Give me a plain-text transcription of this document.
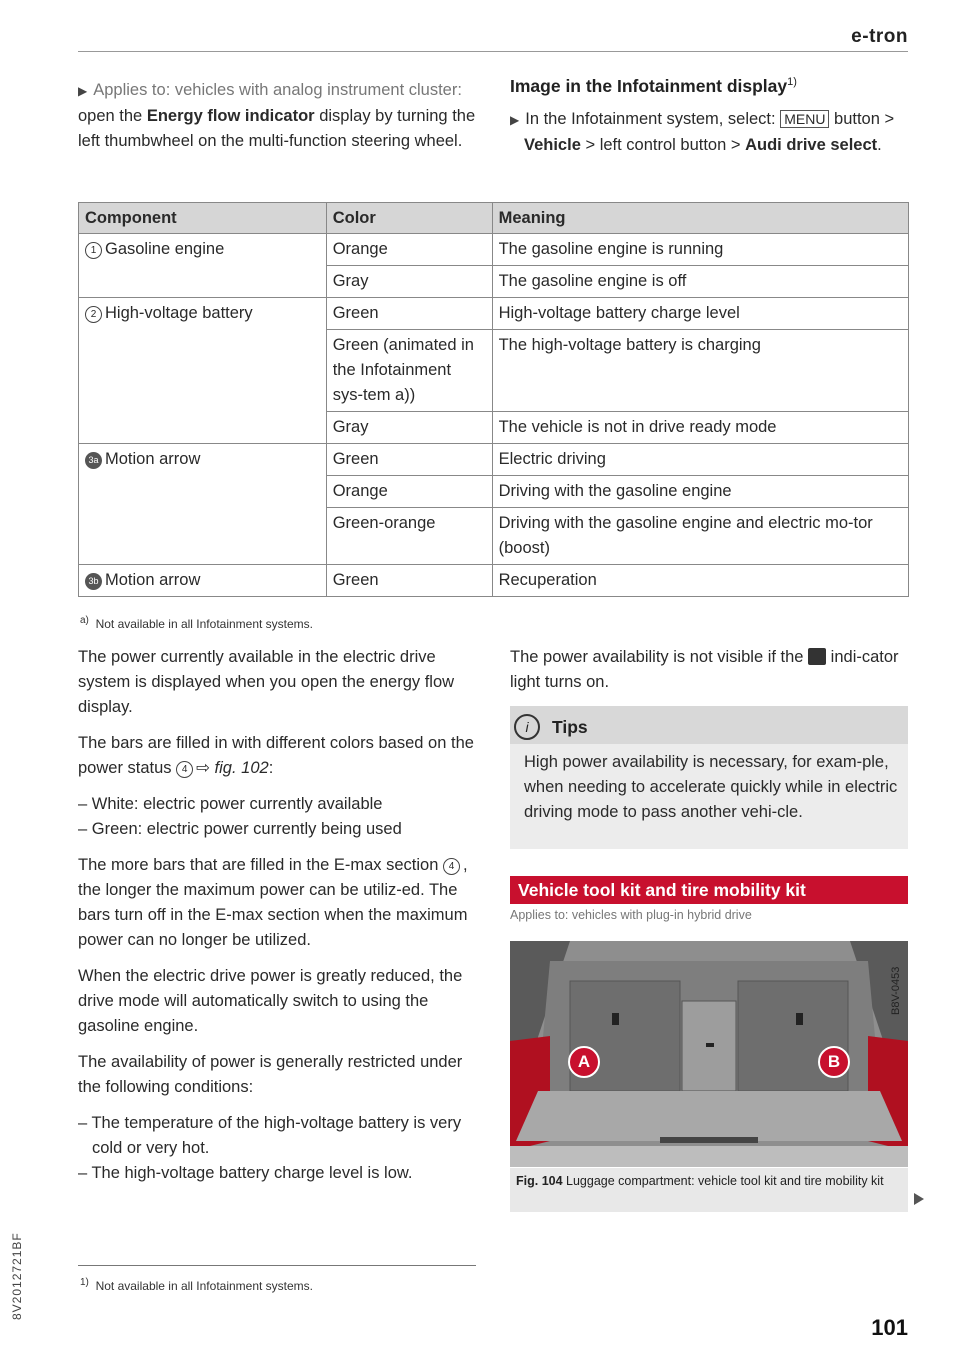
e-tron
▶ Applies to: vehicles with analog instrument cluster: open the Energy flow indicator display by turning the left thumbwheel on the multi-function steering wheel.
Image in the Infotainment display$^{1)}$
▶ In the Infotainment system, select: MENU button > Vehicle > left control button > Audi drive select.
Component	Color	Meaning
1 Gasoline engine	Orange	The gasoline engine is running
	Gray	The gasoline engine is off
2 High-voltage battery	Green	High-voltage battery charge level
	Green (animated in the Infotainment sys-tem a))	The high-voltage battery is charging
	Gray	The vehicle is not in drive ready mode
3a Motion arrow	Green	Electric driving
	Orange	Driving with the gasoline engine
	Green-orange	Driving with the gasoline engine and electric mo-tor (boost)
3b Motion arrow	Green	Recuperation
$^{a)}$ Not available in all Infotainment systems.

The power currently available in the electric drive system is displayed when you open the energy flow display.

The bars are filled in with different colors based on the power status 4 ⇨ fig. 102:

– White: electric power currently available
– Green: electric power currently being used

The more bars that are filled in the E-max section 4 , the longer the maximum power can be utiliz-ed. The bars turn off in the E-max section when the maximum power can no longer be utilized.

When the electric drive power is greatly reduced, the drive mode will automatically switch to using the gasoline engine.

The availability of power is generally restricted under the following conditions:

– The temperature of the high-voltage battery is very cold or very hot.
– The high-voltage battery charge level is low.
$^{1)}$ Not available in all Infotainment systems.
The power availability is not visible if the indi-cator light turns on.
i	Tips
High power availability is necessary, for exam-ple, when needing to accelerate quickly while in electric driving mode to pass another vehi-cle.
Vehicle tool kit and tire mobility kit
Applies to: vehicles with plug-in hybrid drive
B8V-0453
A	B
Fig. 104 Luggage compartment: vehicle tool kit and tire mobility kit
8V2012721BF
101
